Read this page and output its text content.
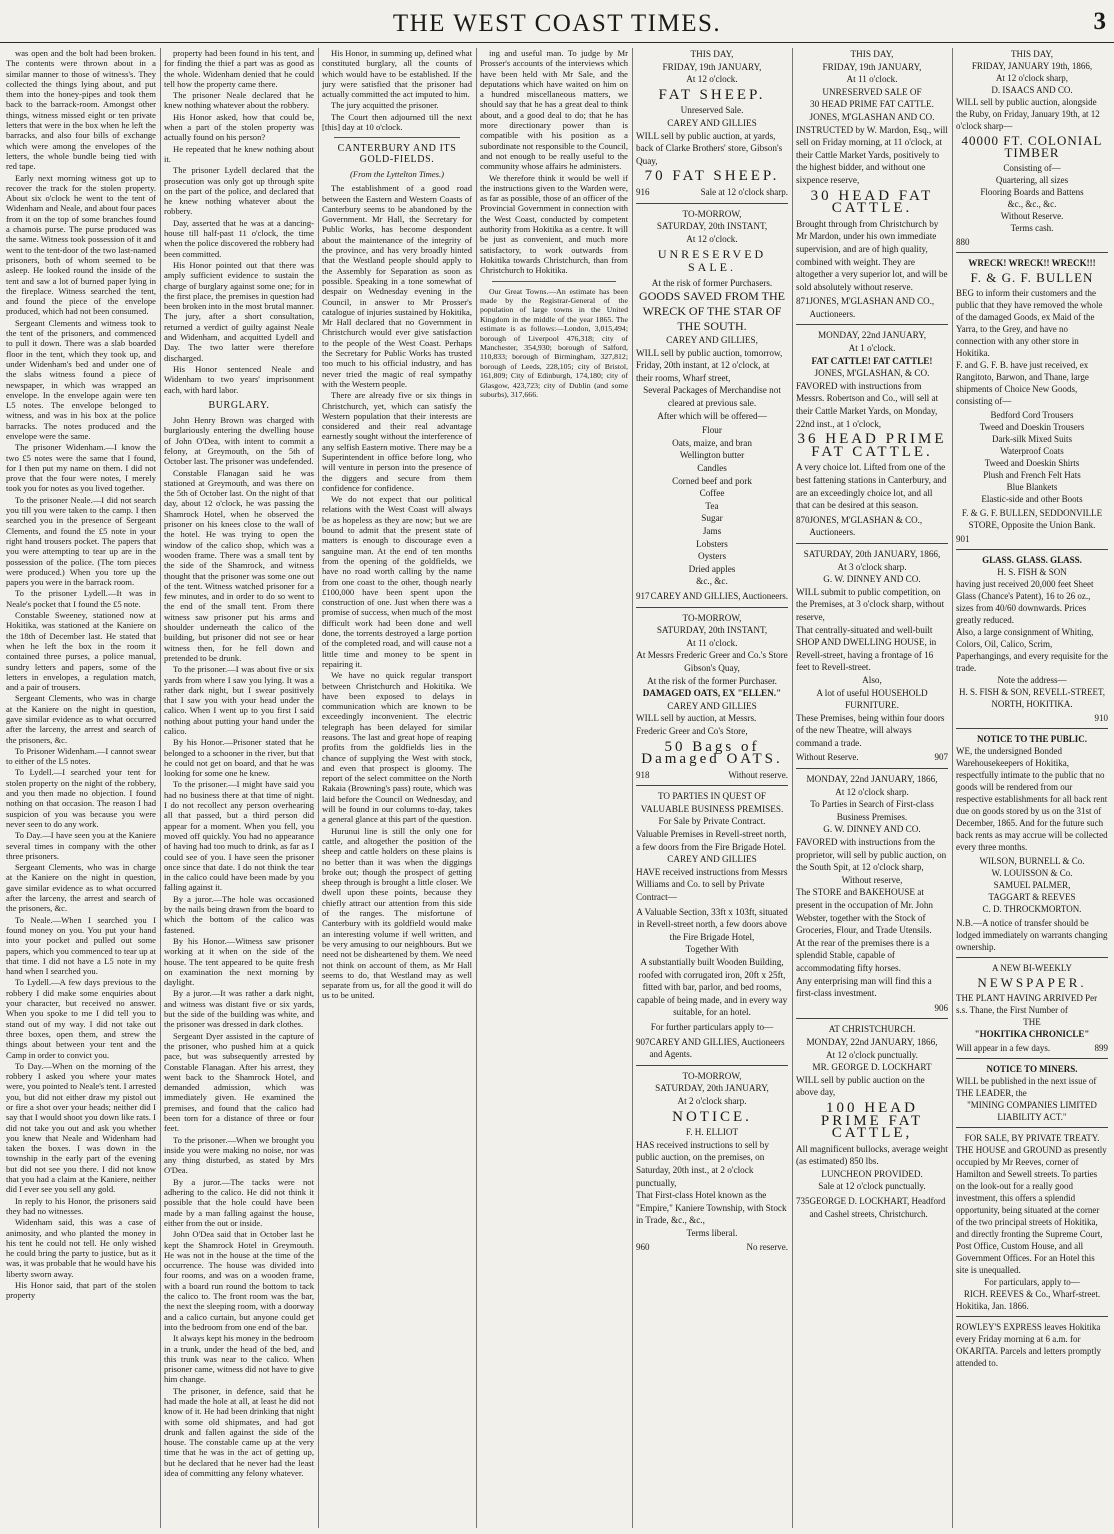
THE WEST COAST TIMES.	3

was open and the bolt had been broken. The contents were thrown about in a similar manner to those of witness's. They collected the things lying about, and put them into the honey-pipes and took them back to the barrack-room. Amongst other things, witness missed eight or ten private letters that were in the box when he left the barracks, and also four bills of exchange which were among the envelopes of the letters, the whole bundle being tied with red tape.

Early next morning witness got up to recover the track for the stolen property. About six o'clock he went to the tent of Widenham and Neale, and about four paces from it on the top of some branches found a chamois purse. The purse produced was the same. Witness took possession of it and went to the tent-door of the two last-named prisoners, both of whom seemed to be asleep. He looked round the inside of the tent and saw a lot of burned paper lying in the fireplace. Witness searched the tent, and found the piece of the envelope produced, which had not been consumed.

Sergeant Clements and witness took to the tent of the prisoners, and commenced to pull it down. There was a slab boarded floor in the tent, which they took up, and under Widenham's bed and under one of the slabs witness found a piece of newspaper, in which was wrapped an envelope. In the envelope again were ten L5 notes. The envelope belonged to witness, and was in his box at the police barracks. The notes produced and the envelope were the same.

The prisoner Widenham.—I know the two £5 notes were the same that I found, for I then put my name on them. I did not prove that the four were notes, I merely took you for notes as you lived together.

To the prisoner Neale.—I did not search you till you were taken to the camp. I then searched you in the presence of Sergeant Clements, and found the £5 note in your right hand trousers pocket. The papers that you were attempting to tear up are in the possession of the police. (The torn pieces were produced.) When you tore up the papers you were in the barrack room.

To the prisoner Lydell.—It was in Neale's pocket that I found the £5 note.

Constable Sweeney, stationed now at Hokitika, was stationed at the Kaniere on the 18th of December last. He stated that when he left the box in the room it contained three purses, a police manual, sundry letters and papers, some of the letters in envelopes, a regulation match, and a pair of trousers.

Sergeant Clements, who was in charge at the Kaniere on the night in question, gave similar evidence as to what occurred after the larceny, the arrest and search of the prisoners, &c.

To Prisoner Widenham.—I cannot swear to either of the L5 notes.

To Lydell.—I searched your tent for stolen property on the night of the robbery, and you then made no objection. I found nothing on that occasion. The reason I had suspicion of you was because you were never seen to do any work.

To Day.—I have seen you at the Kaniere several times in company with the other three prisoners.

Sergeant Clements, who was in charge at the Kaniere on the night in question, gave similar evidence as to what occurred after the larceny, the arrest and search of the prisoners, &c.

To Neale.—When I searched you I found money on you. You put your hand into your pocket and pulled out some papers, which you commenced to tear up at that time. I did not have a L5 note in my hand when I searched you.

To Lydell.—A few days previous to the robbery I did make some enquiries about your character, but received no answer. When you spoke to me I did tell you to stand out of my way. I did not take out three boxes, open them, and strew the things about between your tent and the Camp in order to convict you.

To Day.—When on the morning of the robbery I asked you where your mates were, you pointed to Neale's tent. I arrested you, but did not either draw my pistol out or fire a shot over your heads; neither did I say that I would shoot you down like rats. I did not take you out and ask you whether you knew that Neale and Widenham had taken the boxes. I was down in the township in the early part of the evening but did not see you there. I did not know that you had a claim at the Kaniere, neither did I ever see you sell any gold.

In reply to his Honor, the prisoners said they had no witnesses.

Widenham said, this was a case of animosity, and who planted the money in his tent he could not tell. He only wished he could bring the party to justice, but as it was, it was probable that he would have his liberty sworn away.

His Honor said, that part of the stolen property

property had been found in his tent, and for finding the thief a part was as good as the whole. Widenham denied that he could tell how the property came there.

The prisoner Neale declared that he knew nothing whatever about the robbery.

His Honor asked, how that could be, when a part of the stolen property was actually found on his person?

He repeated that he knew nothing about it.

The prisoner Lydell declared that the prosecution was only got up through spite on the part of the police, and declared that he knew nothing whatever about the robbery.

Day, asserted that he was at a dancing-house till half-past 11 o'clock, the time when the police discovered the robbery had been committed.

His Honor pointed out that there was amply sufficient evidence to sustain the charge of burglary against some one; for in the first place, the premises in question had been broken into in the most brutal manner. The jury, after a short consultation, returned a verdict of guilty against Neale and Widenham, and acquitted Lydell and Day. The two latter were therefore discharged.

His Honor sentenced Neale and Widenham to two years' imprisonment each, with hard labor.

BURGLARY.

John Henry Brown was charged with burglariously entering the dwelling house of John O'Dea, with intent to commit a felony, at Greymouth, on the 5th of October last. The prisoner was undefended.

Constable Flanagan said he was stationed at Greymouth, and was there on the 5th of October last. On the night of that day, about 12 o'clock, he was passing the Shamrock Hotel, when he observed the prisoner on his knees close to the wall of the hotel. He was trying to open the window of the calico shop, which was a wooden frame. There was a small tent by the side of the Shamrock, and witness thought that the prisoner was some one out of the tent. Witness watched prisoner for a few minutes, and in order to do so went to the end of the small tent. From there witness saw prisoner put his arms and shoulder underneath the calico of the building, but prisoner did not see or hear witness then, for he fell down and pretended to be drunk.

To the prisoner.—I was about five or six yards from where I saw you lying. It was a rather dark night, but I swear positively that I saw you with your head under the calico. When I went up to you first I said nothing about putting your hand under the calico.

By his Honor.—Prisoner stated that he belonged to a schooner in the river, but that he could not get on board, and that he was looking for some one he knew.

To the prisoner.—I might have said you had no business there at that time of night. I do not recollect any person overhearing all that passed, but a third person did appear for a moment. When you fell, you moved off quickly. You had no appearance of having had too much to drink, as far as I could see of you. I have seen the prisoner once since that date. I do not think the tear in the calico could have been made by you falling against it.

By a juror.—The hole was occasioned by the nails being drawn from the board to which the bottom of the calico was fastened.

By his Honor.—Witness saw prisoner working at it when on the side of the house. The tent appeared to be quite fresh on examination the next morning by daylight.

By a juror.—It was rather a dark night, and witness was distant five or six yards, but the side of the building was white, and the prisoner was dressed in dark clothes.

Sergeant Dyer assisted in the capture of the prisoner, who pushed him at a quick pace, but was subsequently arrested by Constable Flanagan. After his arrest, they went back to the Shamrock Hotel, and demanded admission, which was immediately given. He examined the premises, and found that the calico had been torn for a distance of three or four feet.

To the prisoner.—When we brought you inside you were making no noise, nor was any thing disturbed, as stated by Mrs O'Dea.

By a juror.—The tacks were not adhering to the calico. He did not think it possible that the hole could have been made by a man falling against the house, either from the out or inside.

John O'Dea said that in October last he kept the Shamrock Hotel in Greymouth. He was not in the house at the time of the occurrence. The house was divided into four rooms, and was on a wooden frame, with a board run round the bottom to tack the calico to. The front room was the bar, the next the sleeping room, with a doorway and a calico curtain, but anyone could get into the bedroom from one end of the bar.

It always kept his money in the bedroom in a trunk, under the head of the bed, and this trunk was near to the calico. When prisoner came, witness did not have to give him change.

The prisoner, in defence, said that he had made the hole at all, at least he did not know of it. He had been drinking that night with some old shipmates, and had got drunk and fallen against the side of the house. The constable came up at the very time that he was in the act of getting up, but he declared that he never had the least idea of committing any felony whatever.

His Honor, in summing up, defined what constituted burglary, all the counts of which would have to be established. If the jury were satisfied that the prisoner had actually committed the act imputed to him.

The jury acquitted the prisoner.

The Court then adjourned till the next [this] day at 10 o'clock.

CANTERBURY AND ITS GOLD-FIELDS.
(From the Lyttelton Times.)

The establishment of a good road between the Eastern and Western Coasts of Canterbury seems to be abandoned by the Government. Mr Hall, the Secretary for Public Works, has become despondent about the maintenance of the integrity of the province, and has very broadly hinted that the Westland people should apply to the Assembly for Separation as soon as possible. Speaking in a tone somewhat of despair on Wednesday evening in the Council, in answer to Mr Prosser's catalogue of injuries sustained by Hokitika, Mr Hall declared that no Government in Christchurch would ever give satisfaction to the people of the West Coast. Perhaps the Secretary for Public Works has trusted too much to his official industry, and has never tried the magic of real sympathy with the Western people.

There are already five or six things in Christchurch, yet, which can satisfy the Western population that their interests are considered and their real advantage earnestly sought without the interference of any selfish Eastern motive. There may be a Superintendent in office before long, who will venture in person into the presence of the diggers and secure from them confidence for confidence.

We do not expect that our political relations with the West Coast will always be as hopeless as they are now; but we are bound to admit that the present state of matters is enough to discourage even a sanguine man. At the end of ten months from the opening of the goldfields, we have no road worth calling by the name from one coast to the other, though nearly £100,000 have been spent upon the construction of one. Just when there was a promise of success, when much of the most difficult work had been done and well done, the torrents destroyed a large portion of the completed road, and will cause not a little time and money to be spent in repairing it.

We have no quick regular transport between Christchurch and Hokitika. We have been exposed to delays in communication which are known to be exceedingly inconvenient. The electric telegraph has been delayed for similar reasons. The last and great hope of reaping profits from the goldfields lies in the chance of supplying the West with stock, and even that prospect is gloomy. The report of the select committee on the North Rakaia (Browning's pass) route, which was laid before the Council on Wednesday, and will be found in our columns to-day, takes a general glance at this part of the question.

Hurunui line is still the only one for cattle, and altogether the position of the sheep and cattle holders on these plains is no better than it was when the diggings broke out; though the prospect of getting sheep through is brought a little closer. We dwell upon these points, because they chiefly attract our attention from this side of the ranges. The misfortune of Canterbury with its goldfield would make an interesting volume if well written, and be very amusing to our neighbours. But we need not be disheartened by them. We need not think on account of them, as Mr Hall seems to do, that Westland may as well separate from us, for all the good it will do us to be united.

ing and useful man. To judge by Mr Prosser's accounts of the interviews which have been held with Mr Sale, and the deputations which have waited on him on a hundred miscellaneous matters, we should say that he has a great deal to think about, and a good deal to do; that he has more directionary power than is compatible with his position as a subordinate not responsible to the Council, and not enough to be really useful to the community whose affairs he administers.

We therefore think it would be well if the instructions given to the Warden were, as far as possible, those of an officer of the Provincial Government in connection with the West Coast, conducted by competent authority from Hokitika as a centre. It will be just as convenient, and much more satisfactory, to work outwards from Hokitika towards Christchurch, than from Christchurch to Hokitika.

Our Great Towns.—An estimate has been made by the Registrar-General of the population of large towns in the United Kingdom in the middle of the year 1865. The estimate is as follows:—London, 3,015,494; borough of Liverpool 476,318; city of Manchester, 354,930; borough of Salford, 110,833; borough of Birmingham, 327,812; borough of Leeds, 228,105; city of Bristol, 161,809; City of Edinburgh, 174,180; city of Glasgow, 423,723; city of Dublin (and some suburbs), 317,666.

THIS DAY,
FRIDAY, 19th JANUARY,
At 12 o'clock.
FAT SHEEP.
Unreserved Sale.
CAREY AND GILLIES
WILL sell by public auction, at yards, back of Clarke Brothers' store, Gibson's Quay,
70 FAT SHEEP.
916	Sale at 12 o'clock sharp.
TO-MORROW,
SATURDAY, 20th INSTANT,
At 12 o'clock.
UNRESERVED SALE.
At the risk of former Purchasers.
GOODS SAVED FROM THE WRECK OF THE STAR OF THE SOUTH.
CAREY AND GILLIES,
WILL sell by public auction, tomorrow, Friday, 20th instant, at 12 o'clock, at their rooms, Wharf street,
Several Packages of Merchandise not cleared at previous sale.
After which will be offered—
Flour
Oats, maize, and bran
Wellington butter
Candles
Corned beef and pork
Coffee
Tea
Sugar
Jams
Lobsters
Oysters
Dried apples
&c., &c.
917 CAREY AND GILLIES, Auctioneers.
TO-MORROW,
SATURDAY, 20th INSTANT,
At 11 o'clock.
At Messrs Frederic Greer and Co.'s Store Gibson's Quay,
At the risk of the former Purchaser.
DAMAGED OATS, EX "ELLEN."
CAREY AND GILLIES
WILL sell by auction, at Messrs. Frederic Greer and Co's Store,
50 Bags of Damaged OATS.
918	Without reserve.
TO PARTIES IN QUEST OF VALUABLE BUSINESS PREMISES.
For Sale by Private Contract.
Valuable Premises in Revell-street north, a few doors from the Fire Brigade Hotel.
CAREY AND GILLIES
HAVE received instructions from Messrs Williams and Co. to sell by Private Contract—
A Valuable Section, 33ft x 103ft, situated in Revell-street north, a few doors above the Fire Brigade Hotel,
Together With
A substantially built Wooden Building, roofed with corrugated iron, 20ft x 25ft, fitted with bar, parlor, and bed rooms, capable of being made, and in every way suitable, for an hotel.
For further particulars apply to—
907 CAREY AND GILLIES, Auctioneers and Agents.
TO-MORROW,
SATURDAY, 20th JANUARY,
At 2 o'clock sharp.
NOTICE.
F. H. ELLIOT
HAS received instructions to sell by public auction, on the premises, on Saturday, 20th inst., at 2 o'clock punctually,
That First-class Hotel known as the "Empire," Kaniere Township, with Stock in Trade, &c., &c.,
Terms liberal.
960	No reserve.
THIS DAY,
FRIDAY, 19th JANUARY,
At 11 o'clock.
UNRESERVED SALE OF
30 HEAD PRIME FAT CATTLE.
JONES, M'GLASHAN AND CO.
INSTRUCTED by W. Mardon, Esq., will sell on Friday morning, at 11 o'clock, at their Cattle Market Yards, positively to the highest bidder, and without one sixpence reserve,
30 HEAD FAT CATTLE.
Brought through from Christchurch by Mr Mardon, under his own immediate supervision, and are of high quality, combined with weight. They are altogether a very superior lot, and will be sold absolutely without reserve.
871 JONES, M'GLASHAN AND CO., Auctioneers.
MONDAY, 22nd JANUARY,
At 1 o'clock.
FAT CATTLE! FAT CATTLE!
JONES, M'GLASHAN, & CO.
FAVORED with instructions from Messrs. Robertson and Co., will sell at their Cattle Market Yards, on Monday, 22nd inst., at 1 o'clock,
36 HEAD PRIME FAT CATTLE.
A very choice lot. Lifted from one of the best fattening stations in Canterbury, and are an exceedingly choice lot, and all that can be desired at this season.
870 JONES, M'GLASHAN & CO., Auctioneers.
SATURDAY, 20th JANUARY, 1866,
At 3 o'clock sharp.
G. W. DINNEY AND CO.
WILL submit to public competition, on the Premises, at 3 o'clock sharp, without reserve,
That centrally-situated and well-built SHOP AND DWELLING HOUSE, in Revell-street, having a frontage of 16 feet to Revell-street.
Also,
A lot of useful HOUSEHOLD FURNITURE.
These Premises, being within four doors of the new Theatre, will always command a trade.
Without Reserve.	907
MONDAY, 22nd JANUARY, 1866,
At 12 o'clock sharp.
To Parties in Search of First-class Business Premises.
G. W. DINNEY AND CO.
FAVORED with instructions from the proprietor, will sell by public auction, on the South Spit, at 12 o'clock sharp,
Without reserve,
The STORE and BAKEHOUSE at present in the occupation of Mr. John Webster, together with the Stock of Groceries, Flour, and Trade Utensils.
At the rear of the premises there is a splendid Stable, capable of accommodating fifty horses.
Any enterprising man will find this a first-class investment.
906
AT CHRISTCHURCH.
MONDAY, 22nd JANUARY, 1866,
At 12 o'clock punctually.
MR. GEORGE D. LOCKHART
WILL sell by public auction on the above day,
100 HEAD PRIME FAT CATTLE,
All magnificent bullocks, average weight (as estimated) 850 lbs.
LUNCHEON PROVIDED.
Sale at 12 o'clock punctually.
735 GEORGE D. LOCKHART, Headford and Cashel streets, Christchurch.
THIS DAY,
FRIDAY, JANUARY 19th, 1866,
At 12 o'clock sharp,
D. ISAACS AND CO.
WILL sell by public auction, alongside the Ruby, on Friday, January 19th, at 12 o'clock sharp—
40000 FT. COLONIAL TIMBER
Consisting of—
Quartering, all sizes
Flooring Boards and Battens
&c., &c., &c.
Without Reserve.
Terms cash.
880
WRECK! WRECK!! WRECK!!!
F. & G. F. BULLEN
BEG to inform their customers and the public that they have removed the whole of the damaged Goods, ex Maid of the Yarra, to the Grey, and have no connection with any other store in Hokitika.
F. and G. F. B. have just received, ex Rangitoto, Barwon, and Thane, large shipments of Choice New Goods, consisting of—
Bedford Cord Trousers
Tweed and Doeskin Trousers
Dark-silk Mixed Suits
Waterproof Coats
Tweed and Doeskin Shirts
Plush and French Felt Hats
Blue Blankets
Elastic-side and other Boots
F. & G. F. BULLEN, SEDDONVILLE STORE, Opposite the Union Bank.
901
GLASS. GLASS. GLASS.
H. S. FISH & SON
having just received 20,000 feet Sheet Glass (Chance's Patent), 16 to 26 oz., sizes from 40/60 downwards. Prices greatly reduced.
Also, a large consignment of Whiting, Colors, Oil, Calico, Scrim, Paperhangings, and every requisite for the trade.
Note the address—
H. S. FISH & SON, REVELL-STREET, NORTH, HOKITIKA.
910
NOTICE TO THE PUBLIC.
WE, the undersigned Bonded Warehousekeepers of Hokitika, respectfully intimate to the public that no goods will be rendered from our respective establishments for all back rent due on goods stored by us on the 31st of December, 1865. And for the future such back rents as may accrue will be collected every three months.
WILSON, BURNELL & Co.
W. LOUISSON & Co.
SAMUEL PALMER,
TAGGART & REEVES
C. D. THROCKMORTON.
N.B.—A notice of transfer should be lodged immediately on warrants changing ownership.
A NEW BI-WEEKLY
NEWSPAPER.
THE PLANT HAVING ARRIVED Per s.s. Thane, the First Number of
THE
"HOKITIKA CHRONICLE"
Will appear in a few days.	899
NOTICE TO MINERS.
WILL be published in the next issue of THE LEADER, the
"MINING COMPANIES LIMITED LIABILITY ACT."
FOR SALE, BY PRIVATE TREATY.
THE HOUSE and GROUND as presently occupied by Mr Reeves, corner of Hamilton and Sewell streets. To parties on the look-out for a really good investment, this offers a splendid opportunity, being situated at the corner of the two principal streets of Hokitika, and directly fronting the Supreme Court, Post Office, Custom House, and all Government Offices. For an Hotel this site is unequalled.
For particulars, apply to—
RICH. REEVES & Co., Wharf-street.
Hokitika, Jan. 1866.
ROWLEY'S EXPRESS leaves Hokitika every Friday morning at 6 a.m. for OKARITA. Parcels and letters promptly attended to.
